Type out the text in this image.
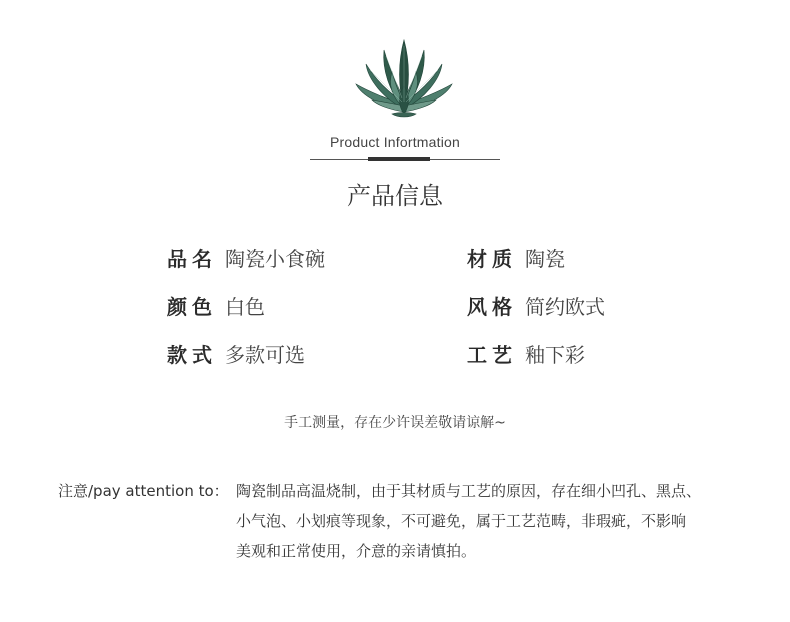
Product Infortmation
产品信息
品名 陶瓷小食碗	材质 陶瓷
颜色 白色	风格 简约欧式
款式 多款可选	工艺 釉下彩
手工测量，存在少许误差敬请谅解~
注意/pay attention to： 陶瓷制品高温烧制，由于其材质与工艺的原因，存在细小凹孔、黑点、
小气泡、小划痕等现象，不可避免，属于工艺范畴，非瑕疵，不影响
美观和正常使用，介意的亲请慎拍。
